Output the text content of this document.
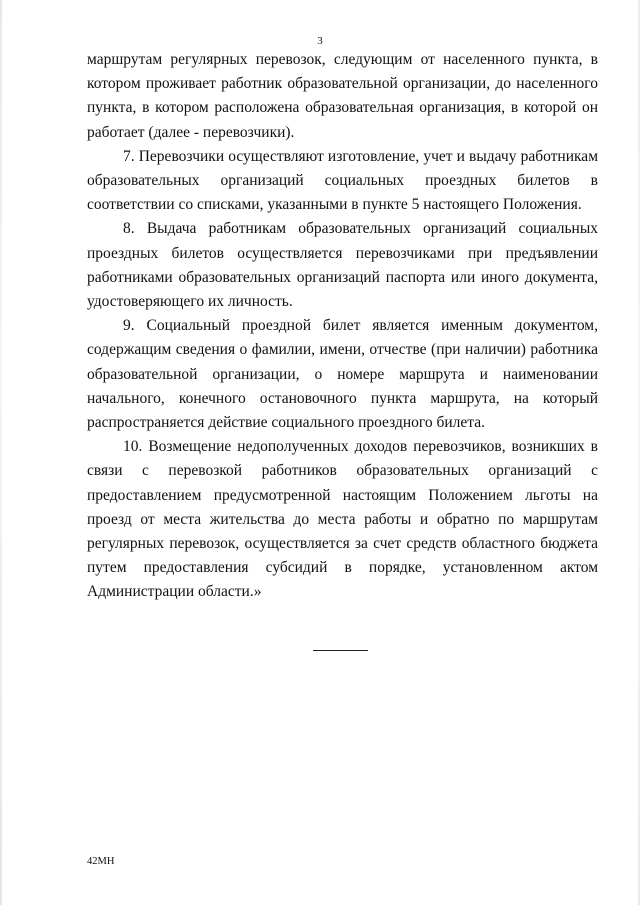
3

маршрутам регулярных перевозок, следующим от населенного пункта, в котором проживает работник образовательной организации, до населенного пункта, в котором расположена образовательная организация, в которой он работает (далее - перевозчики).

7. Перевозчики осуществляют изготовление, учет и выдачу работникам образовательных организаций социальных проездных билетов в соответствии со списками, указанными в пункте 5 настоящего Положения.

8. Выдача работникам образовательных организаций социальных проездных билетов осуществляется перевозчиками при предъявлении работниками образовательных организаций паспорта или иного документа, удостоверяющего их личность.

9. Социальный проездной билет является именным документом, содержащим сведения о фамилии, имени, отчестве (при наличии) работника образовательной организации, о номере маршрута и наименовании начального, конечного остановочного пункта маршрута, на который распространяется действие социального проездного билета.

10. Возмещение недополученных доходов перевозчиков, возникших в связи с перевозкой работников образовательных организаций с предоставлением предусмотренной настоящим Положением льготы на проезд от места жительства до места работы и обратно по маршрутам регулярных перевозок, осуществляется за счет средств областного бюджета путем предоставления субсидий в порядке, установленном актом Администрации области.»

42МН
